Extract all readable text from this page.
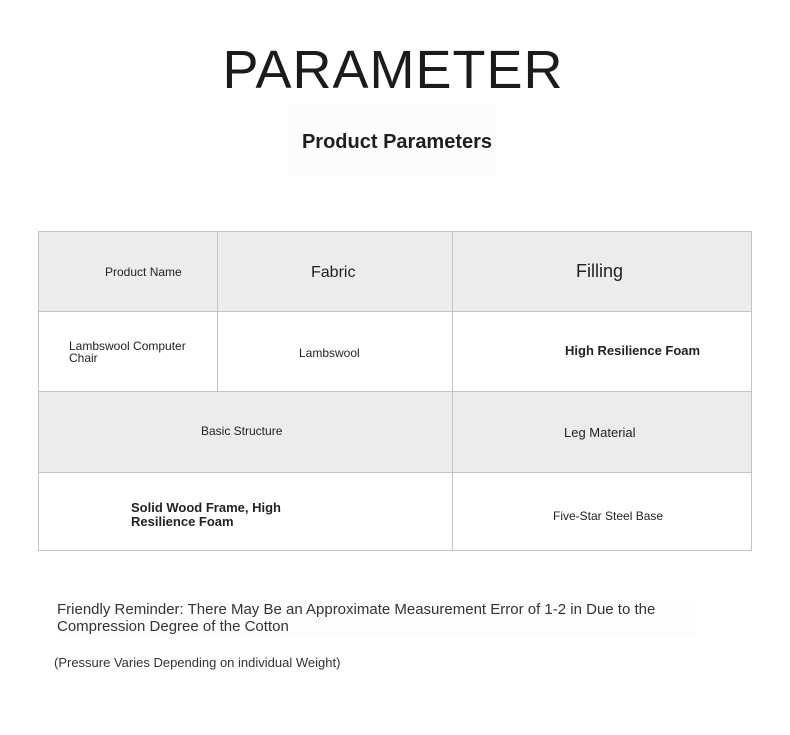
PARAMETER
Product Parameters
Product Name	Fabric	Filling
Lambswool Computer Chair	Lambswool	High Resilience Foam
Basic Structure	Leg Material
Solid Wood Frame, High Resilience Foam	Five-Star Steel Base

Friendly Reminder: There May Be an Approximate Measurement Error of 1-2 in Due to the Compression Degree of the Cotton

(Pressure Varies Depending on individual Weight)
